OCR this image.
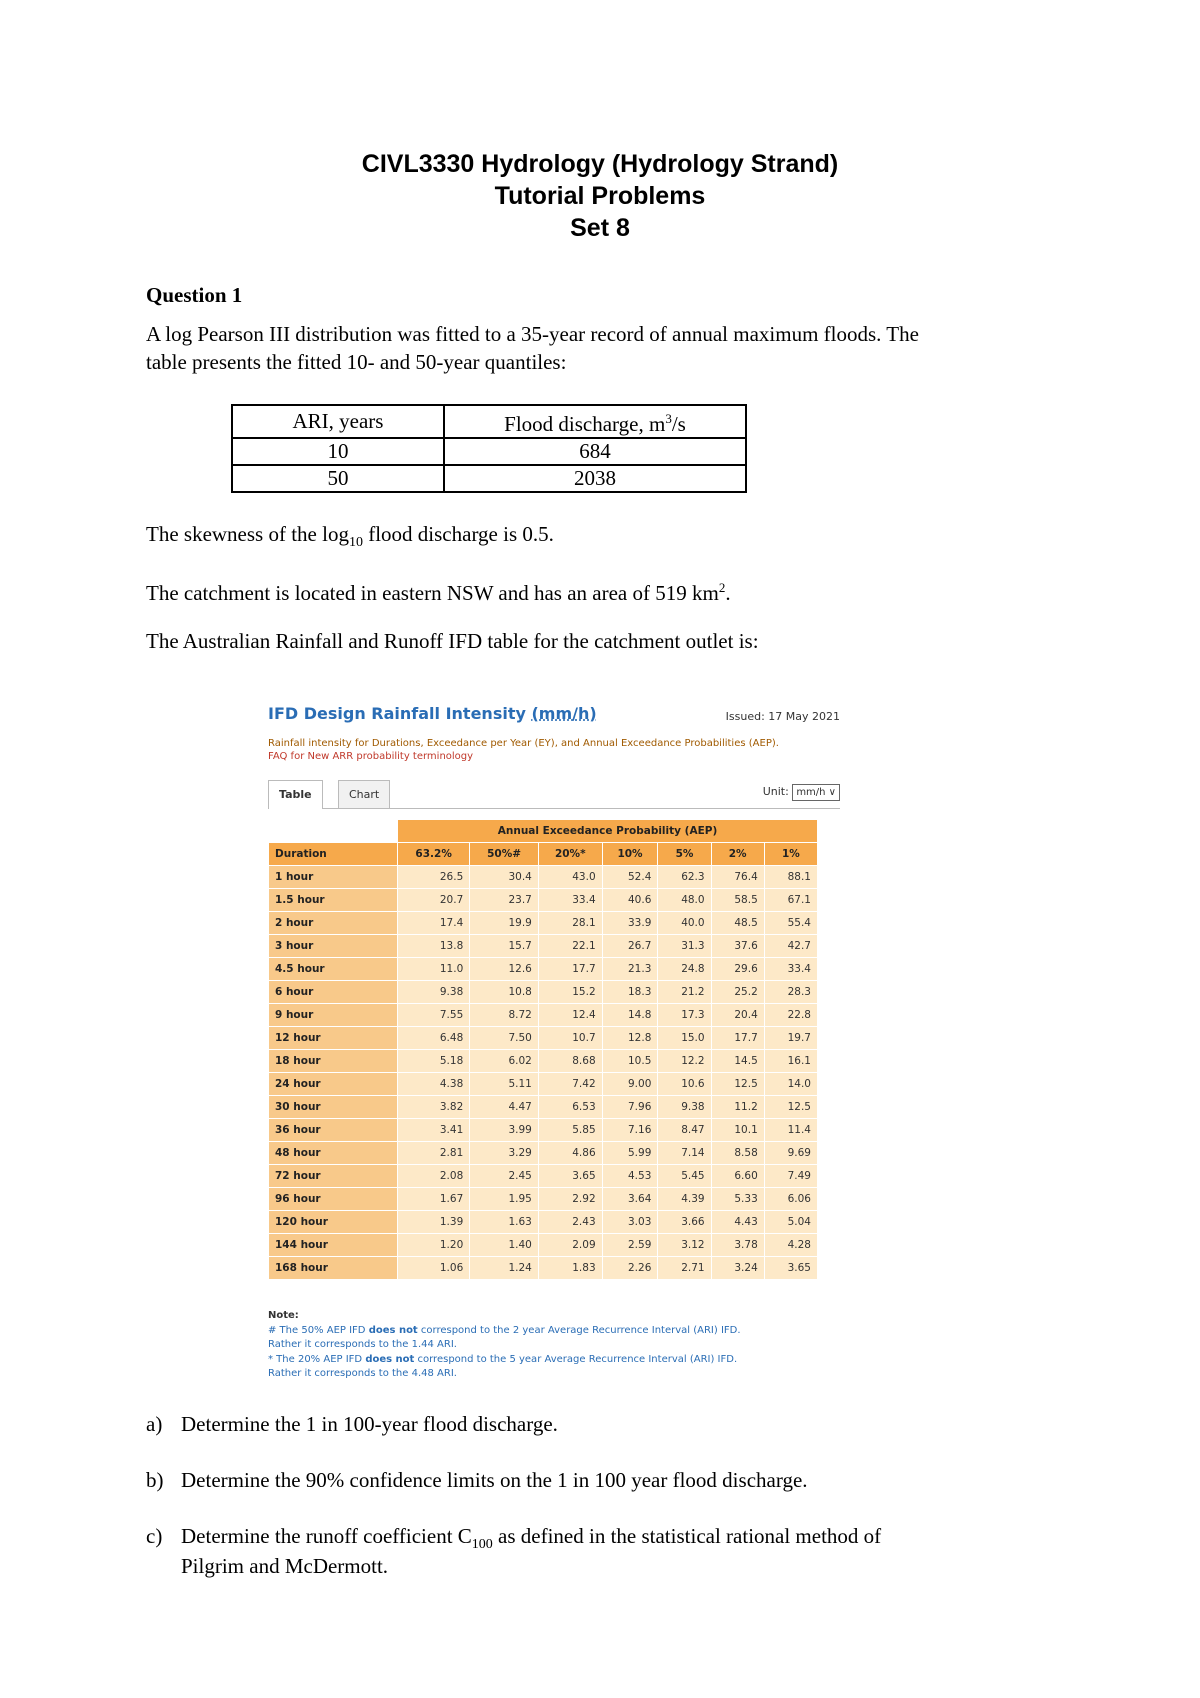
CIVL3330 Hydrology (Hydrology Strand)
Tutorial Problems
Set 8
Question 1
A log Pearson III distribution was fitted to a 35-year record of annual maximum floods. The
table presents the fitted 10- and 50-year quantiles:
ARI, years	Flood discharge, $m^3/s$
10	684
50	2038
The skewness of the $\log_{10}$ flood discharge is 0.5.
The catchment is located in eastern NSW and has an area of 519 $km^2$.
The Australian Rainfall and Runoff IFD table for the catchment outlet is:
IFD Design Rainfall Intensity (mm/h)	Issued: 17 May 2021
Rainfall intensity for Durations, Exceedance per Year (EY), and Annual Exceedance Probabilities (AEP).
FAQ for New ARR probability terminology
Table	Chart	Unit: mm/h ∨
	Annual Exceedance Probability (AEP)						
Duration	63.2%	50%#	20%*	10%	5%	2%	1%
1 hour	26.5	30.4	43.0	52.4	62.3	76.4	88.1
1.5 hour	20.7	23.7	33.4	40.6	48.0	58.5	67.1
2 hour	17.4	19.9	28.1	33.9	40.0	48.5	55.4
3 hour	13.8	15.7	22.1	26.7	31.3	37.6	42.7
4.5 hour	11.0	12.6	17.7	21.3	24.8	29.6	33.4
6 hour	9.38	10.8	15.2	18.3	21.2	25.2	28.3
9 hour	7.55	8.72	12.4	14.8	17.3	20.4	22.8
12 hour	6.48	7.50	10.7	12.8	15.0	17.7	19.7
18 hour	5.18	6.02	8.68	10.5	12.2	14.5	16.1
24 hour	4.38	5.11	7.42	9.00	10.6	12.5	14.0
30 hour	3.82	4.47	6.53	7.96	9.38	11.2	12.5
36 hour	3.41	3.99	5.85	7.16	8.47	10.1	11.4
48 hour	2.81	3.29	4.86	5.99	7.14	8.58	9.69
72 hour	2.08	2.45	3.65	4.53	5.45	6.60	7.49
96 hour	1.67	1.95	2.92	3.64	4.39	5.33	6.06
120 hour	1.39	1.63	2.43	3.03	3.66	4.43	5.04
144 hour	1.20	1.40	2.09	2.59	3.12	3.78	4.28
168 hour	1.06	1.24	1.83	2.26	2.71	3.24	3.65
Note:
# The 50% AEP IFD does not correspond to the 2 year Average Recurrence Interval (ARI) IFD.
Rather it corresponds to the 1.44 ARI.
* The 20% AEP IFD does not correspond to the 5 year Average Recurrence Interval (ARI) IFD.
Rather it corresponds to the 4.48 ARI.
a) Determine the 1 in 100-year flood discharge.
b) Determine the 90% confidence limits on the 1 in 100 year flood discharge.
c) Determine the runoff coefficient $C_{100}$ as defined in the statistical rational method of
Pilgrim and McDermott.
